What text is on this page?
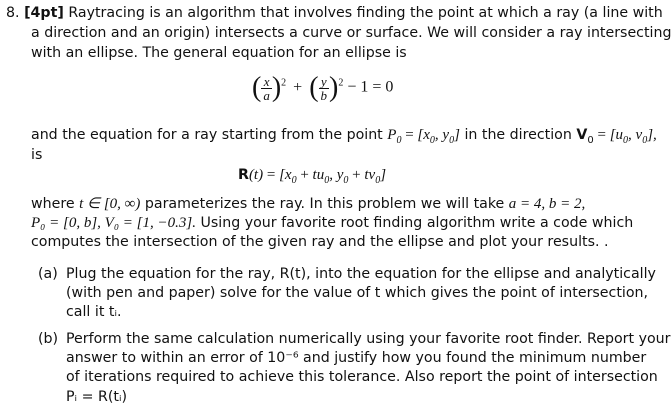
8. [4pt] Raytracing is an algorithm that involves finding the point at which a ray (a line with
a direction and an origin) intersects a curve or surface. We will consider a ray intersecting
with an ellipse. The general equation for an ellipse is
( $\frac{x}{a} )^2$ + ( $\frac{y}{b} )^2 - 1 = 0$
and the equation for a ray starting from the point $P_0 = [x_0$, $y_0$] in the direction $V_0 = [u_0$, $v_0$],
is
$R(t) = [x_0 + tu_0$, $y_0 + tv_0$]
where t ∈ [0, ∞) parameterizes the ray. In this problem we will take a = 4, b = 2,
P₀ = [0, b], V₀ = [1, −0.3]. Using your favorite root finding algorithm write a code which
computes the intersection of the given ray and the ellipse and plot your results. .
(a) Plug the equation for the ray, R(t), into the equation for the ellipse and analytically
(with pen and paper) solve for the value of t which gives the point of intersection,
call it tᵢ.
(b) Perform the same calculation numerically using your favorite root finder. Report your
answer to within an error of 10⁻⁶ and justify how you found the minimum number
of iterations required to achieve this tolerance. Also report the point of intersection
Pᵢ = R(tᵢ)
